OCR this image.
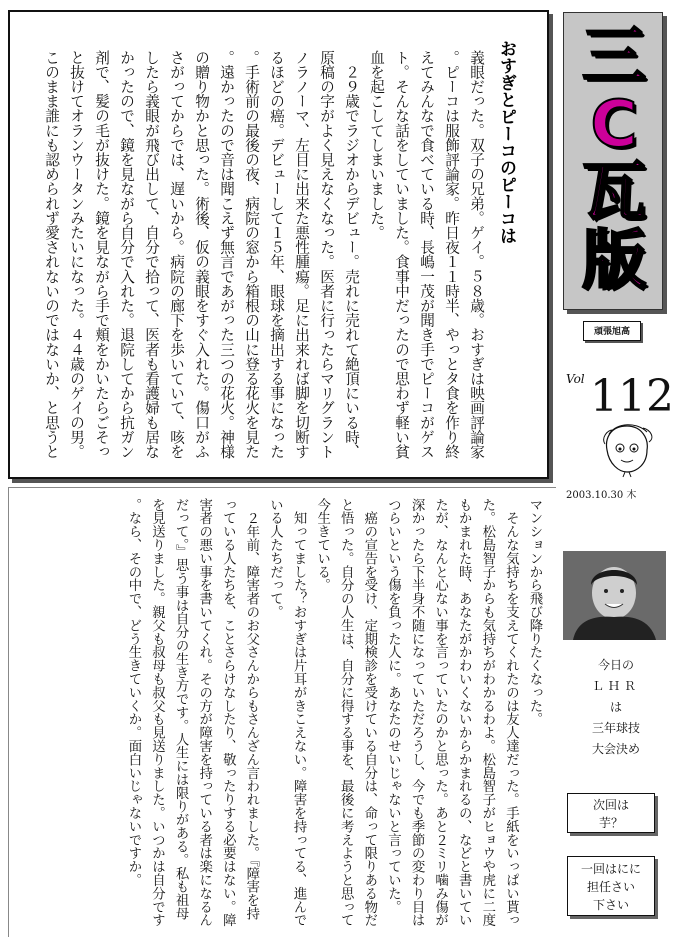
おすぎとピーコのピーコは

義眼だった。双子の兄弟。ゲイ。５８歳。おすぎは映画評論家。ピーコは服飾評論家。昨日夜１１時半、やっとタ食を作り終えてみんなで食べている時、長嶋一茂が聞き手でピーコがゲスト。そんな話をしていました。食事中だったので思わず軽い貧血を起こしてしまいました。

　２９歳でラジオからデビュー。売れに売れて絶頂にいる時、原稿の字がよく見えなくなった。医者に行ったらマリグラントノラノーマ、左目に出来た悪性腫瘍。足に出来れば脚を切断するほどの癌。デビューして１５年、眼球を摘出する事になった。手術前の最後の夜、病院の窓から箱根の山に登る花火を見た。遠かったので音は聞こえず無言であがった三つの花火。神様の贈り物かと思った。術後、仮の義眼をすぐ入れた。傷口がふさがってからでは、遅いから。病院の廊下を歩いていて、咳をしたら義眼が飛び出して、自分で拾って、医者も看護婦も居なかったので、鏡を見ながら自分で入れた。退院してから抗ガン剤で、髪の毛が抜けた。鏡を見ながら手で頬をかいたらごそっと抜けてオランウータンみたいになった。４４歳のゲイの男。このまま誰にも認められず愛されないのではないか、と思うと	三
C
瓦
版
頑張旭高
Vol 112
2003.10.30 木

マンションから飛び降りたくなった。

　そんな気持ちを支えてくれたのは友人達だった。手紙をいっぱい貰った。松島智子からも気持ちがわかるわよ。松島智子がヒョウや虎に二度もかまれた時、あなたがかわいくないからかまれるの、などと書いていたが、なんと心ない事を言っていたのかと思った。あと２ミリ噛み傷が深かったら下半身不随になっていただろうし、今でも季節の変わり目はつらいという傷を負った人に。あなたのせいじゃないと言っていた。

　癌の宣告を受け、定期検診を受けている自分は、命って限りある物だと悟った。自分の人生は、自分に得する事を、最後に考えようと思って今生きている。

　知ってました？おすぎは片耳がきこえない。障害を持ってる、進んでいる人たちだって。

　２年前、障害者のお父さんからもさんざん言われました。『障害を持っている人たちを、ことさらけなしたり、敬ったりする必要はない。障害者の悪い事を書いてくれ。その方が障害を持っている者は楽になるんだって。』思う事は自分の生き方です。人生には限りがある。私も祖母を見送りました。親父も叔母も叔父も見送りました。いつかは自分です。なら、その中で、どう生きていくか。面白いじゃないですか。	今日の
ＬＨＲ
は
三年球技
大会決め
次回は
芋？
一回はにに
担任さい
下さい
